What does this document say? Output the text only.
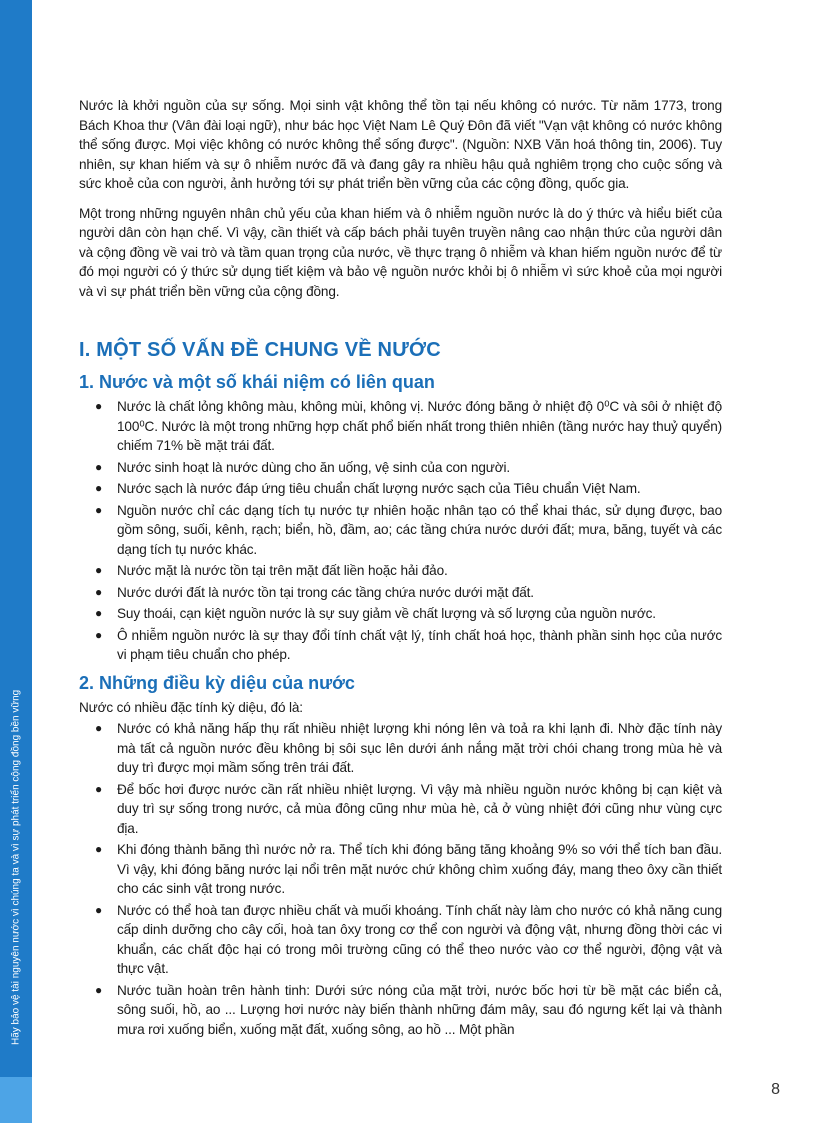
Hãy bảo vệ tài nguyên nước vì chúng ta và vì sự phát triển cộng đồng bền vững

Nước là khởi nguồn của sự sống. Mọi sinh vật không thể tồn tại nếu không có nước. Từ năm 1773, trong Bách Khoa thư (Vân đài loại ngữ), như bác học Việt Nam Lê Quý Đôn đã viết "Vạn vật không có nước không thể sống được. Mọi việc không có nước không thể sống được". (Nguồn: NXB Văn hoá thông tin, 2006). Tuy nhiên, sự khan hiếm và sự ô nhiễm nước đã và đang gây ra nhiều hậu quả nghiêm trọng cho cuộc sống và sức khoẻ của con người, ảnh hưởng tới sự phát triển bền vững của các cộng đồng, quốc gia.

Một trong những nguyên nhân chủ yếu của khan hiếm và ô nhiễm nguồn nước là do ý thức và hiểu biết của người dân còn hạn chế. Vì vậy, cần thiết và cấp bách phải tuyên truyền nâng cao nhận thức của người dân và cộng đồng về vai trò và tầm quan trọng của nước, về thực trạng ô nhiễm và khan hiếm nguồn nước để từ đó mọi người có ý thức sử dụng tiết kiệm và bảo vệ nguồn nước khỏi bị ô nhiễm vì sức khoẻ của mọi người và vì sự phát triển bền vững của cộng đồng.

I. MỘT SỐ VẤN ĐỀ CHUNG VỀ NƯỚC
1. Nước và một số khái niệm có liên quan
● Nước là chất lỏng không màu, không mùi, không vị. Nước đóng băng ở nhiệt độ 0⁰C và sôi ở nhiệt độ 100⁰C. Nước là một trong những hợp chất phổ biến nhất trong thiên nhiên (tầng nước hay thuỷ quyển) chiếm 71% bề mặt trái đất.
● Nước sinh hoạt là nước dùng cho ăn uống, vệ sinh của con người.
● Nước sạch là nước đáp ứng tiêu chuẩn chất lượng nước sạch của Tiêu chuẩn Việt Nam.
● Nguồn nước chỉ các dạng tích tụ nước tự nhiên hoặc nhân tạo có thể khai thác, sử dụng được, bao gồm sông, suối, kênh, rạch; biển, hồ, đầm, ao; các tầng chứa nước dưới đất; mưa, băng, tuyết và các dạng tích tụ nước khác.
● Nước mặt là nước tồn tại trên mặt đất liền hoặc hải đảo.
● Nước dưới đất là nước tồn tại trong các tầng chứa nước dưới mặt đất.
● Suy thoái, cạn kiệt nguồn nước là sự suy giảm về chất lượng và số lượng của nguồn nước.
● Ô nhiễm nguồn nước là sự thay đổi tính chất vật lý, tính chất hoá học, thành phần sinh học của nước vi phạm tiêu chuẩn cho phép.
2. Những điều kỳ diệu của nước

Nước có nhiều đặc tính kỳ diệu, đó là:

● Nước có khả năng hấp thụ rất nhiều nhiệt lượng khi nóng lên và toả ra khi lạnh đi. Nhờ đặc tính này mà tất cả nguồn nước đều không bị sôi sục lên dưới ánh nắng mặt trời chói chang trong mùa hè và duy trì được mọi mầm sống trên trái đất.
● Để bốc hơi được nước cần rất nhiều nhiệt lượng. Vì vậy mà nhiều nguồn nước không bị cạn kiệt và duy trì sự sống trong nước, cả mùa đông cũng như mùa hè, cả ở vùng nhiệt đới cũng như vùng cực địa.
● Khi đóng thành băng thì nước nở ra. Thể tích khi đóng băng tăng khoảng 9% so với thể tích ban đầu. Vì vậy, khi đóng băng nước lại nổi trên mặt nước chứ không chìm xuống đáy, mang theo ôxy cần thiết cho các sinh vật trong nước.
● Nước có thể hoà tan được nhiều chất và muối khoáng. Tính chất này làm cho nước có khả năng cung cấp dinh dưỡng cho cây cối, hoà tan ôxy trong cơ thể con người và động vật, nhưng đồng thời các vi khuẩn, các chất độc hại có trong môi trường cũng có thể theo nước vào cơ thể người, động vật và thực vật.
● Nước tuần hoàn trên hành tinh: Dưới sức nóng của mặt trời, nước bốc hơi từ bề mặt các biển cả, sông suối, hồ, ao ... Lượng hơi nước này biến thành những đám mây, sau đó ngưng kết lại và thành mưa rơi xuống biển, xuống mặt đất, xuống sông, ao hồ ... Một phần
8
